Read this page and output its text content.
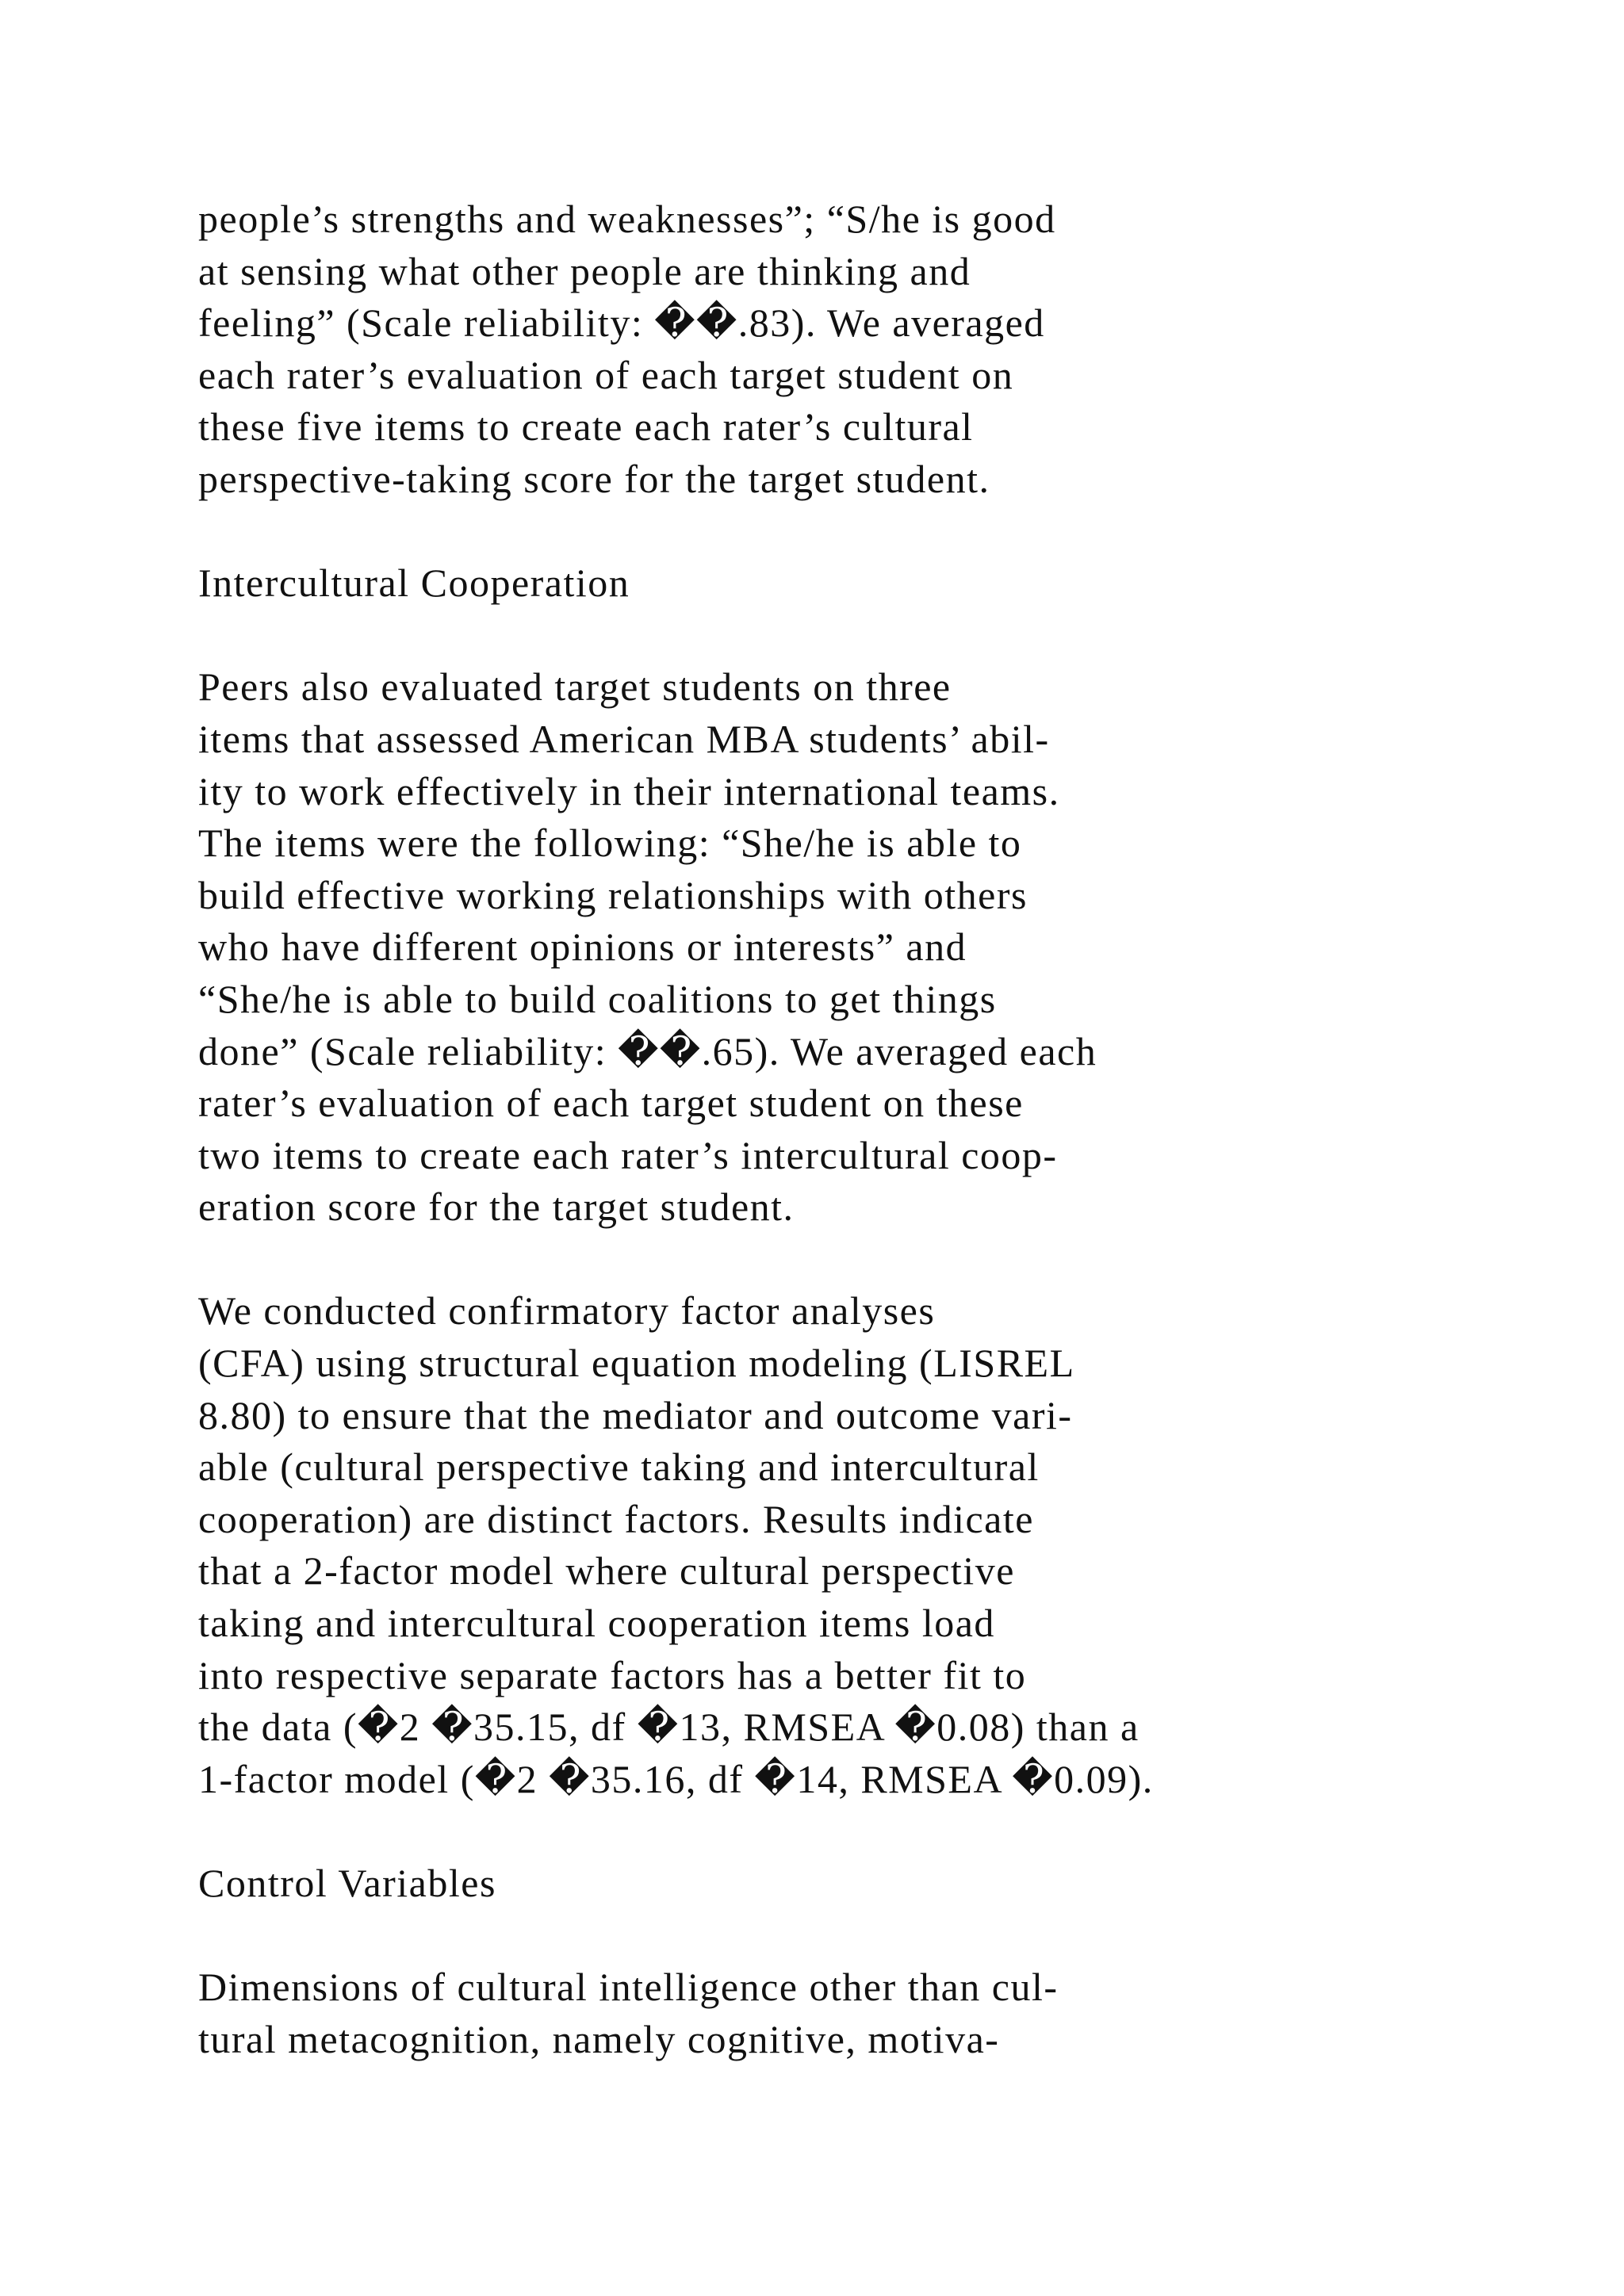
people’s strengths and weaknesses”; “S/he is good
at sensing what other people are thinking and
feeling” (Scale reliability: ��.83). We averaged
each rater’s evaluation of each target student on
these five items to create each rater’s cultural
perspective-taking score for the target student.
Intercultural Cooperation
Peers also evaluated target students on three
items that assessed American MBA students’ abil-
ity to work effectively in their international teams.
The items were the following: “She/he is able to
build effective working relationships with others
who have different opinions or interests” and
“She/he is able to build coalitions to get things
done” (Scale reliability: ��.65). We averaged each
rater’s evaluation of each target student on these
two items to create each rater’s intercultural coop-
eration score for the target student.
We conducted confirmatory factor analyses
(CFA) using structural equation modeling (LISREL
8.80) to ensure that the mediator and outcome vari-
able (cultural perspective taking and intercultural
cooperation) are distinct factors. Results indicate
that a 2-factor model where cultural perspective
taking and intercultural cooperation items load
into respective separate factors has a better fit to
the data (�2 �35.15, df �13, RMSEA �0.08) than a
1-factor model (�2 �35.16, df �14, RMSEA �0.09).
Control Variables
Dimensions of cultural intelligence other than cul-
tural metacognition, namely cognitive, motiva-
